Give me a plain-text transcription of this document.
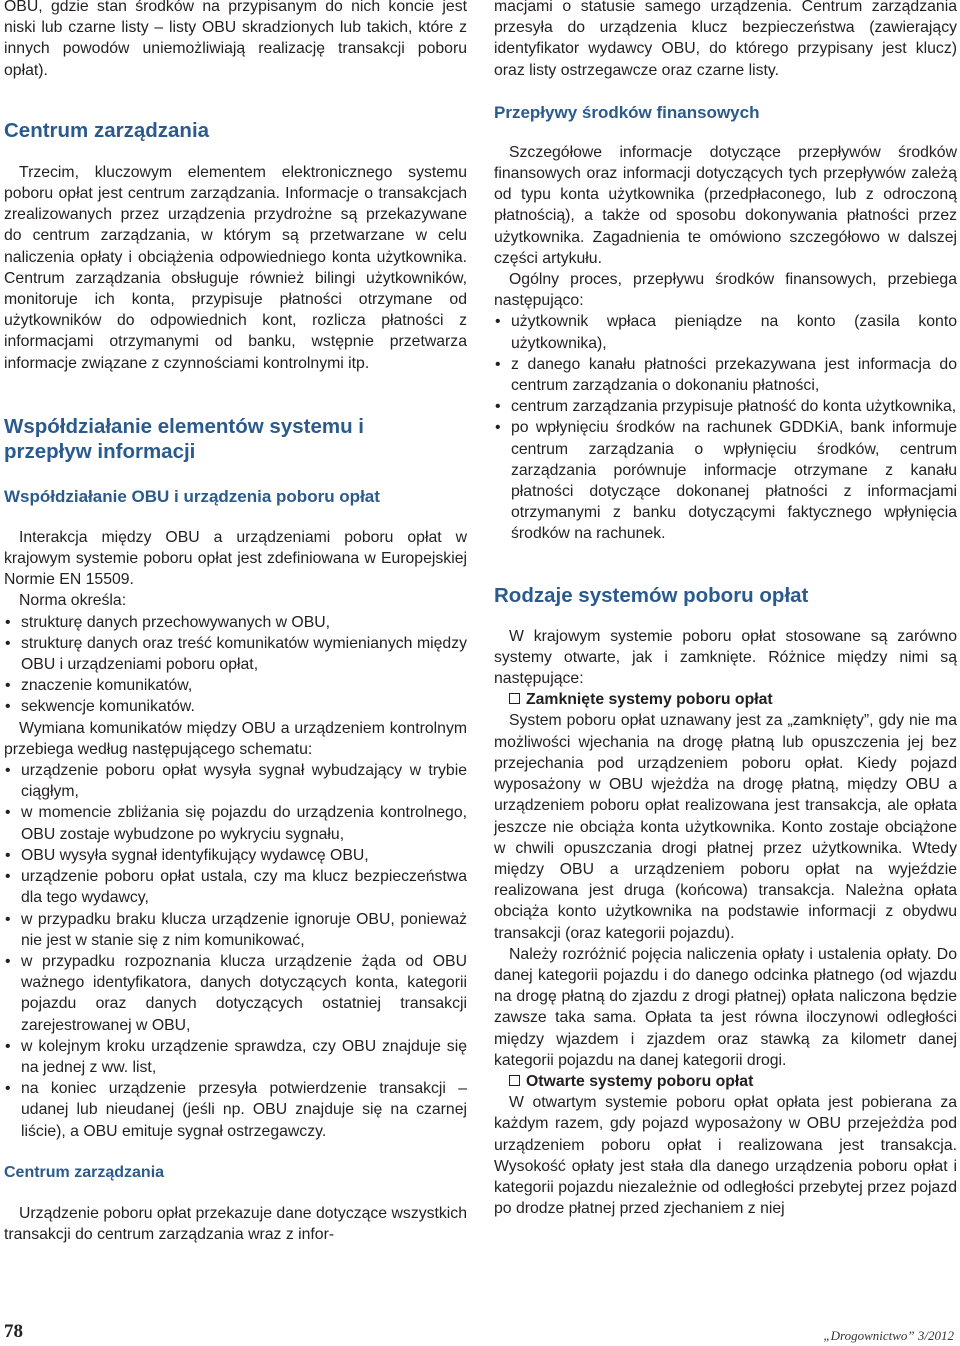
OBU, gdzie stan środków na przypisanym do nich koncie jest niski lub czarne listy – listy OBU skradzionych lub takich, które z innych powodów uniemożliwiają realizację transakcji poboru opłat).

Centrum zarządzania

Trzecim, kluczowym elementem elektronicznego systemu poboru opłat jest centrum zarządzania. Informacje o transakcjach zrealizowanych przez urządzenia przydrożne są przekazywane do centrum zarządzania, w którym są przetwarzane w celu naliczenia opłaty i obciążenia odpowiedniego konta użytkownika. Centrum zarządzania obsługuje również bilingi użytkowników, monitoruje ich konta, przypisuje płatności otrzymane od użytkowników do odpowiednich kont, rozlicza płatności z informacjami otrzymanymi od banku, wstępnie przetwarza informacje związane z czynnościami kontrolnymi itp.

Współdziałanie elementów systemu i przepływ informacji
Współdziałanie OBU i urządzenia poboru opłat

Interakcja między OBU a urządzeniami poboru opłat w krajowym systemie poboru opłat jest zdefiniowana w Europejskiej Normie EN 15509.

Norma określa:

• strukturę danych przechowywanych w OBU,
• strukturę danych oraz treść komunikatów wymienianych między OBU i urządzeniami poboru opłat,
• znaczenie komunikatów,
• sekwencje komunikatów.

Wymiana komunikatów między OBU a urządzeniem kontrolnym przebiega według następującego schematu:

• urządzenie poboru opłat wysyła sygnał wybudzający w trybie ciągłym,
• w momencie zbliżania się pojazdu do urządzenia kontrolnego, OBU zostaje wybudzone po wykryciu sygnału,
• OBU wysyła sygnał identyfikujący wydawcę OBU,
• urządzenie poboru opłat ustala, czy ma klucz bezpieczeństwa dla tego wydawcy,
• w przypadku braku klucza urządzenie ignoruje OBU, ponieważ nie jest w stanie się z nim komunikować,
• w przypadku rozpoznania klucza urządzenie żąda od OBU ważnego identyfikatora, danych dotyczących konta, kategorii pojazdu oraz danych dotyczących ostatniej transakcji zarejestrowanej w OBU,
• w kolejnym kroku urządzenie sprawdza, czy OBU znajduje się na jednej z ww. list,
• na koniec urządzenie przesyła potwierdzenie transakcji – udanej lub nieudanej (jeśli np. OBU znajduje się na czarnej liście), a OBU emituje sygnał ostrzegawczy.
Centrum zarządzania

Urządzenie poboru opłat przekazuje dane dotyczące wszystkich transakcji do centrum zarządzania wraz z infor-

macjami o statusie samego urządzenia. Centrum zarządzania przesyła do urządzenia klucz bezpieczeństwa (zawierający identyfikator wydawcy OBU, do którego przypisany jest klucz) oraz listy ostrzegawcze oraz czarne listy.

Przepływy środków finansowych

Szczegółowe informacje dotyczące przepływów środków finansowych oraz informacji dotyczących tych przepływów zależą od typu konta użytkownika (przedpłaconego, lub z odroczoną płatnością), a także od sposobu dokonywania płatności przez użytkownika. Zagadnienia te omówiono szczegółowo w dalszej części artykułu.

Ogólny proces, przepływu środków finansowych, przebiega następująco:

• użytkownik wpłaca pieniądze na konto (zasila konto użytkownika),
• z danego kanału płatności przekazywana jest informacja do centrum zarządzania o dokonaniu płatności,
• centrum zarządzania przypisuje płatność do konta użytkownika,
• po wpłynięciu środków na rachunek GDDKiA, bank informuje centrum zarządzania o wpłynięciu środków, centrum zarządzania porównuje informacje otrzymane z kanału płatności dotyczące dokonanej płatności z informacjami otrzymanymi z banku dotyczącymi faktycznego wpłynięcia środków na rachunek.
Rodzaje systemów poboru opłat

W krajowym systemie poboru opłat stosowane są zarówno systemy otwarte, jak i zamknięte. Różnice między nimi są następujące:

Zamknięte systemy poboru opłat

System poboru opłat uznawany jest za „zamknięty”, gdy nie ma możliwości wjechania na drogę płatną lub opuszczenia jej bez przejechania pod urządzeniem poboru opłat. Kiedy pojazd wyposażony w OBU wjeżdża na drogę płatną, między OBU a urządzeniem poboru opłat realizowana jest transakcja, ale opłata jeszcze nie obciąża konta użytkownika. Konto zostaje obciążone w chwili opuszczania drogi płatnej przez użytkownika. Wtedy między OBU a urządzeniem poboru opłat na wyjeździe realizowana jest druga (końcowa) transakcja. Należna opłata obciąża konto użytkownika na podstawie informacji z obydwu transakcji (oraz kategorii pojazdu).

Należy rozróżnić pojęcia naliczenia opłaty i ustalenia opłaty. Do danej kategorii pojazdu i do danego odcinka płatnego (od wjazdu na drogę płatną do zjazdu z drogi płatnej) opłata naliczona będzie zawsze taka sama. Opłata ta jest równa iloczynowi odległości między wjazdem i zjazdem oraz stawką za kilometr danej kategorii pojazdu na danej kategorii drogi.

Otwarte systemy poboru opłat

W otwartym systemie poboru opłat opłata jest pobierana za każdym razem, gdy pojazd wyposażony w OBU przejeżdża pod urządzeniem poboru opłat i realizowana jest transakcja. Wysokość opłaty jest stała dla danego urządzenia poboru opłat i kategorii pojazdu niezależnie od odległości przebytej przez pojazd po drodze płatnej przed zjechaniem z niej

78	„Drogownictwo” 3/2012
